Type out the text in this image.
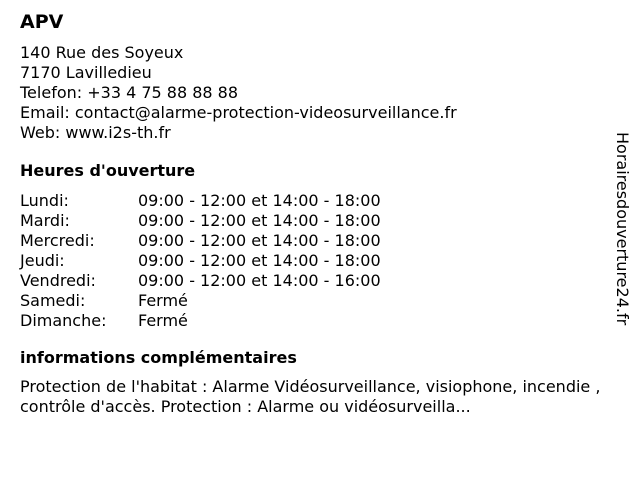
APV
140 Rue des Soyeux
7170 Lavilledieu
Telefon: +33 4 75 88 88 88
Email: contact@alarme-protection-videosurveillance.fr
Web: www.i2s-th.fr
Heures d'ouverture
Lundi:	09:00 - 12:00 et 14:00 - 18:00
Mardi:	09:00 - 12:00 et 14:00 - 18:00
Mercredi:	09:00 - 12:00 et 14:00 - 18:00
Jeudi:	09:00 - 12:00 et 14:00 - 18:00
Vendredi:	09:00 - 12:00 et 14:00 - 16:00
Samedi:	Fermé
Dimanche:	Fermé
informations complémentaires
Protection de l'habitat : Alarme Vidéosurveillance, visiophone, incendie , contrôle d'accès. Protection : Alarme ou vidéosurveilla...
Horairesdouverture24.fr
